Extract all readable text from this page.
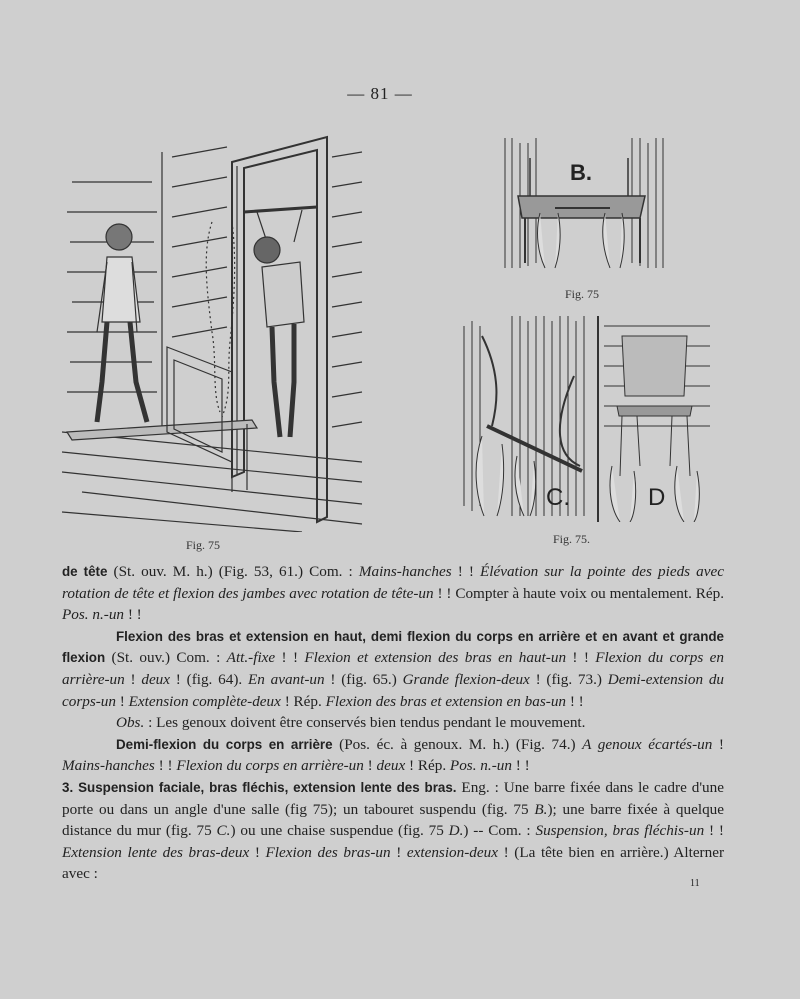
— 81 —
Fig. 75
B.
Fig. 75
C.	D
Fig. 75.

de tête (St. ouv. M. h.) (Fig. 53, 61.) Com. : Mains-hanches ! ! Élévation sur la pointe des pieds avec rotation de tête et flexion des jambes avec rotation de tête-un ! ! Compter à haute voix ou mentalement. Rép. Pos. n.-un ! !

Flexion des bras et extension en haut, demi flexion du corps en arrière et en avant et grande flexion (St. ouv.) Com. : Att.-fixe ! ! Flexion et extension des bras en haut-un ! ! Flexion du corps en arrière-un ! deux ! (fig. 64). En avant-un ! (fig. 65.) Grande flexion-deux ! (fig. 73.) Demi-extension du corps-un ! Extension complète-deux ! Rép. Flexion des bras et extension en bas-un ! !

Obs. : Les genoux doivent être conservés bien tendus pendant le mouvement.

Demi-flexion du corps en arrière (Pos. éc. à genoux. M. h.) (Fig. 74.) A genoux écartés-un ! Mains-hanches ! ! Flexion du corps en arrière-un ! deux ! Rép. Pos. n.-un ! !

3. Suspension faciale, bras fléchis, extension lente des bras. Eng. : Une barre fixée dans le cadre d'une porte ou dans un angle d'une salle (fig 75); un tabouret suspendu (fig. 75 B.); une barre fixée à quelque distance du mur (fig. 75 C.) ou une chaise suspendue (fig. 75 D.) -- Com. : Suspension, bras fléchis-un ! ! Extension lente des bras-deux ! Flexion des bras-un ! extension-deux ! (La tête bien en arrière.) Alterner avec :

11
